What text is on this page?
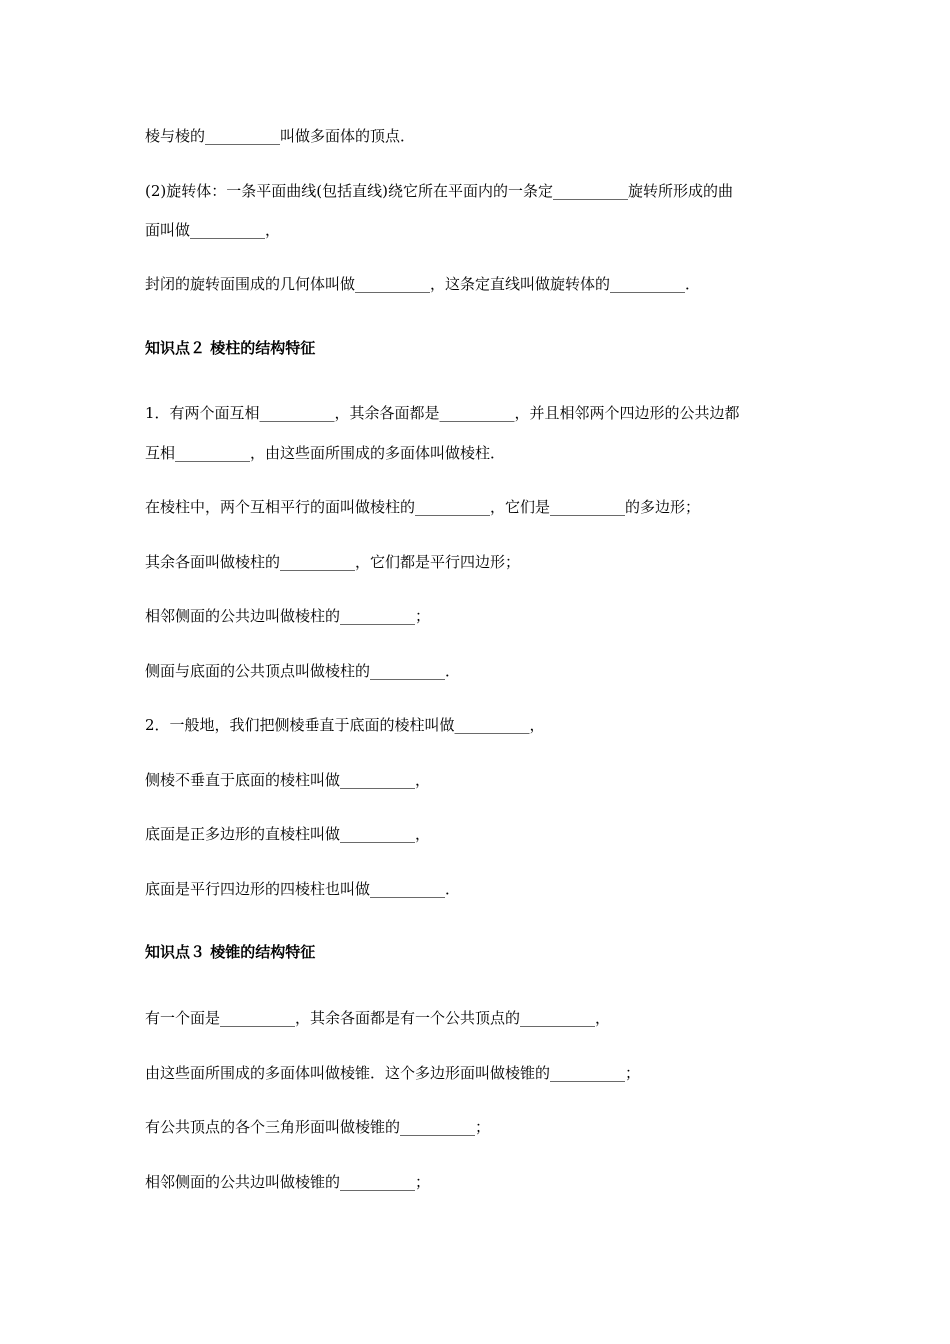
棱与棱的__________叫做多面体的顶点．
(2)旋转体：一条平面曲线(包括直线)绕它所在平面内的一条定__________旋转所形成的曲
面叫做__________，
封闭的旋转面围成的几何体叫做__________，这条定直线叫做旋转体的__________．
知识点２ 棱柱的结构特征
1．有两个面互相__________，其余各面都是__________，并且相邻两个四边形的公共边都
互相__________，由这些面所围成的多面体叫做棱柱．
在棱柱中，两个互相平行的面叫做棱柱的__________，它们是__________的多边形；
其余各面叫做棱柱的__________，它们都是平行四边形；
相邻侧面的公共边叫做棱柱的__________；
侧面与底面的公共顶点叫做棱柱的__________．
2．一般地，我们把侧棱垂直于底面的棱柱叫做__________，
侧棱不垂直于底面的棱柱叫做__________，
底面是正多边形的直棱柱叫做__________，
底面是平行四边形的四棱柱也叫做__________．
知识点３ 棱锥的结构特征
有一个面是__________，其余各面都是有一个公共顶点的__________，
由这些面所围成的多面体叫做棱锥．这个多边形面叫做棱锥的__________；
有公共顶点的各个三角形面叫做棱锥的__________；
相邻侧面的公共边叫做棱锥的__________；
